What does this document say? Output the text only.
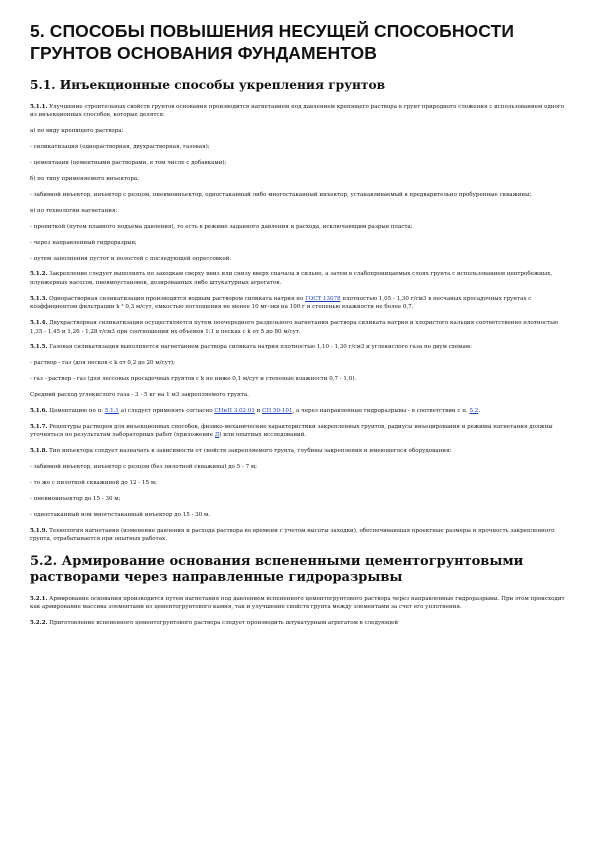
5. СПОСОБЫ ПОВЫШЕНИЯ НЕСУЩЕЙ СПОСОБНОСТИ ГРУНТОВ ОСНОВАНИЯ ФУНДАМЕНТОВ
5.1. Инъекционные способы укрепления грунтов

5.1.1. Улучшение строительных свойств грунтов основания производится нагнетанием под давлением крепящего раствора в грунт природного сложения с использованием одного из инъекционных способов, которые делятся:

а) по виду крепящего раствора:

- силикатизация (однорастворная, двухрастворная, газовая);

- цементация (цементными растворами, в том числе с добавками);

б) по типу применяемого инъектора:

- забивной инъектор, инъектор с резцом, пневмоинъектор, одностаканный либо многостаканный инъектор, устанавливаемый в предварительно пробуренные скважины;

в) по технологии нагнетания:

- пропиткой (путем плавного подъема давления), то есть в режиме заданного давления и расхода, исключающим разрыв пласта;

- через направленный гидроразрыв;

- путем заполнения пустот и полостей с последующей опрессовкой.

5.1.2. Закрепление следует выполнять по заходкам сверху вниз или снизу вверх сначала в сильно, а затем в слабопроницаемых слоях грунта с использованием центробежных, плунжерных насосов, пневмоустановок, дозированных либо штукатурных агрегатов.

5.1.3. Однорастворная силикатизация производится водным раствором силиката натрия по ГОСТ 13078 плотностью 1,05 - 1,30 г/см3 в песчаных просадочных грунтах с коэффициентом фильтрации k ³ 0,3 м/сут, емкостью поглощения не менее 10 мг-экв на 100 г и степенью влажности не более 0,7.

5.1.4. Двухрастворная силикатизация осуществляется путем поочередного раздельного нагнетания раствора силиката натрия и хлористого кальция соответственно плотностью 1,35 - 1,45 и 1,26 - 1,28 г/см3 при соотношении их объемов 1:1 в песках с k от 5 до 80 м/сут.

5.1.5. Газовая силикатизация выполняется нагнетанием раствора силиката натрия плотностью 1,10 - 1,30 г/см3 и углекислого газа по двум схемам:

- раствор - газ (для песков с k от 0,2 до 20 м/сут);

- газ - раствор - газ (для лессовых просадочных грунтов с k не ниже 0,1 м/сут и степенью влажности 0,7 - 1,0).

Средний расход углекислого газа - 3 - 5 кг на 1 м3 закрепляемого грунта.

5.1.6. Цементацию по п. 5.1.1 а) следует применять согласно СНиП 3.02.01 и СП 50-101, а через направленные гидроразрывы - в соответствии с п. 5.2.

5.1.7. Рецептуры растворов для инъекционных способов, физико-механические характеристики закрепленных грунтов, радиусы инъецирования и режимы нагнетания должны уточняться по результатам лабораторных работ (приложение Д) или опытных исследований.

5.1.8. Тип инъектора следует назначать в зависимости от свойств закрепляемого грунта, глубины закрепления и имеющегося оборудования:

- забивной инъектор, инъектор с резцом (без пилотной скважины) до 5 - 7 м;

- то же с пилотной скважиной до 12 - 15 м;

- пневмоинъектор до 15 - 30 м;

- одностаканный или многостаканный инъектор до 15 - 30 м.

5.1.9. Технология нагнетания (изменение давления и расхода раствора во времени с учетом высоты заходки), обеспечивающая проектные размеры и прочность закрепленного грунта, отрабатывается при опытных работах.

5.2. Армирование основания вспененными цементогрунтовыми растворами через направленные гидроразрывы

5.2.1. Армирование основания производится путем нагнетания под давлением вспененного цементогрунтового раствора через направленные гидроразрывы. При этом происходит как армирование массива элементами из цементогрунтового камня, так и улучшение свойств грунта между элементами за счет его уплотнения.

5.2.2. Приготовление вспененного цементогрунтового раствора следует производить штукатурным агрегатом в следующей
